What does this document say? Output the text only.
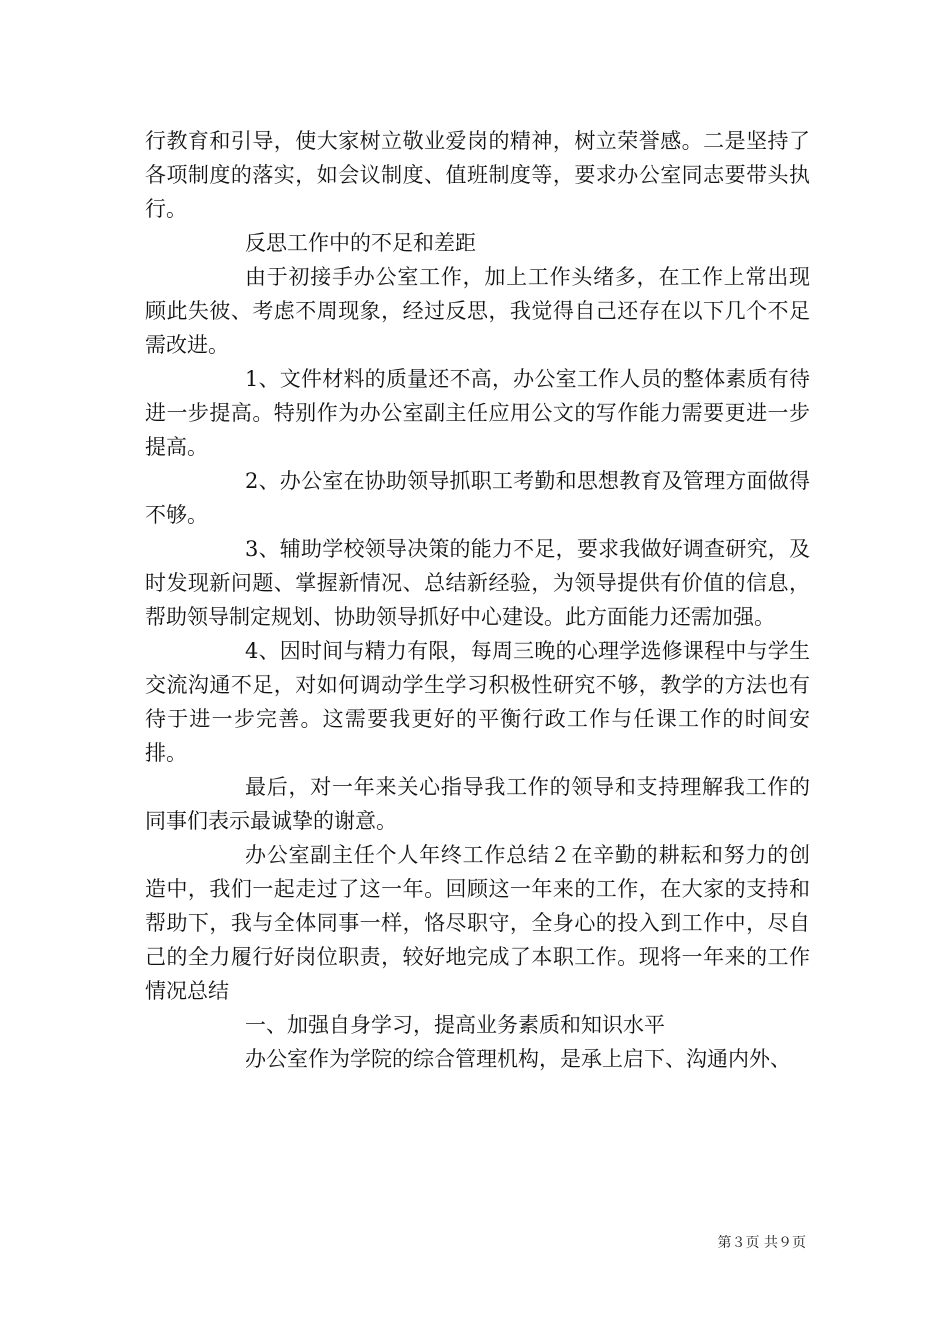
行教育和引导，使大家树立敬业爱岗的精神，树立荣誉感。二是坚持了各项制度的落实，如会议制度、值班制度等，要求办公室同志要带头执行。

反思工作中的不足和差距

由于初接手办公室工作，加上工作头绪多，在工作上常出现顾此失彼、考虑不周现象，经过反思，我觉得自己还存在以下几个不足需改进。

1、文件材料的质量还不高，办公室工作人员的整体素质有待进一步提高。特别作为办公室副主任应用公文的写作能力需要更进一步提高。

2、办公室在协助领导抓职工考勤和思想教育及管理方面做得不够。

3、辅助学校领导决策的能力不足，要求我做好调查研究，及时发现新问题、掌握新情况、总结新经验，为领导提供有价值的信息，帮助领导制定规划、协助领导抓好中心建设。此方面能力还需加强。

4、因时间与精力有限，每周三晚的心理学选修课程中与学生交流沟通不足，对如何调动学生学习积极性研究不够，教学的方法也有待于进一步完善。这需要我更好的平衡行政工作与任课工作的时间安排。

最后，对一年来关心指导我工作的领导和支持理解我工作的同事们表示最诚挚的谢意。

办公室副主任个人年终工作总结２在辛勤的耕耘和努力的创造中，我们一起走过了这一年。回顾这一年来的工作，在大家的支持和帮助下，我与全体同事一样，恪尽职守，全身心的投入到工作中，尽自己的全力履行好岗位职责，较好地完成了本职工作。现将一年来的工作情况总结

一、加强自身学习，提高业务素质和知识水平

办公室作为学院的综合管理机构，是承上启下、沟通内外、

第３页 共９页
